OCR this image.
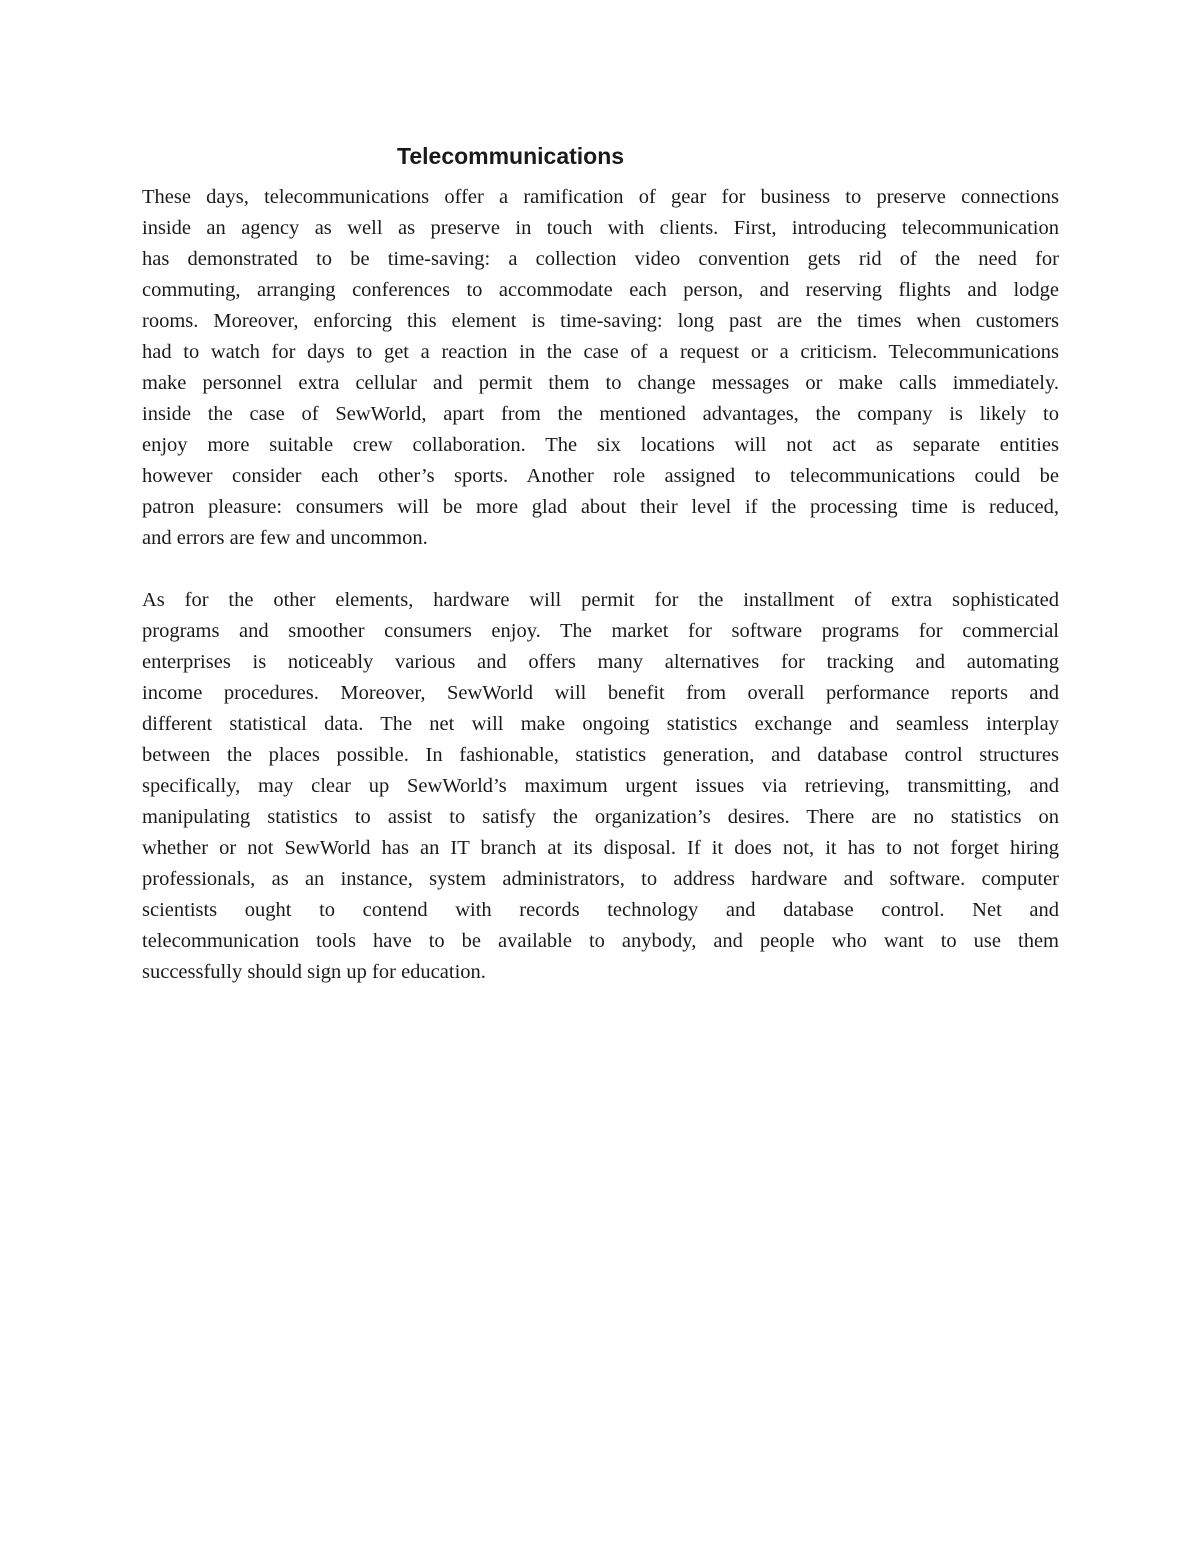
Telecommunications

These days, telecommunications offer a ramification of gear for business to preserve connections
inside an agency as well as preserve in touch with clients. First, introducing telecommunication
has demonstrated to be time-saving: a collection video convention gets rid of the need for
commuting, arranging conferences to accommodate each person, and reserving flights and lodge
rooms. Moreover, enforcing this element is time-saving: long past are the times when customers
had to watch for days to get a reaction in the case of a request or a criticism. Telecommunications
make personnel extra cellular and permit them to change messages or make calls immediately.
inside the case of SewWorld, apart from the mentioned advantages, the company is likely to
enjoy more suitable crew collaboration. The six locations will not act as separate entities
however consider each other’s sports. Another role assigned to telecommunications could be
patron pleasure: consumers will be more glad about their level if the processing time is reduced,
and errors are few and uncommon.

As for the other elements, hardware will permit for the installment of extra sophisticated
programs and smoother consumers enjoy. The market for software programs for commercial
enterprises is noticeably various and offers many alternatives for tracking and automating
income procedures. Moreover, SewWorld will benefit from overall performance reports and
different statistical data. The net will make ongoing statistics exchange and seamless interplay
between the places possible. In fashionable, statistics generation, and database control structures
specifically, may clear up SewWorld’s maximum urgent issues via retrieving, transmitting, and
manipulating statistics to assist to satisfy the organization’s desires. There are no statistics on
whether or not SewWorld has an IT branch at its disposal. If it does not, it has to not forget hiring
professionals, as an instance, system administrators, to address hardware and software. computer
scientists ought to contend with records technology and database control. Net and
telecommunication tools have to be available to anybody, and people who want to use them
successfully should sign up for education.
